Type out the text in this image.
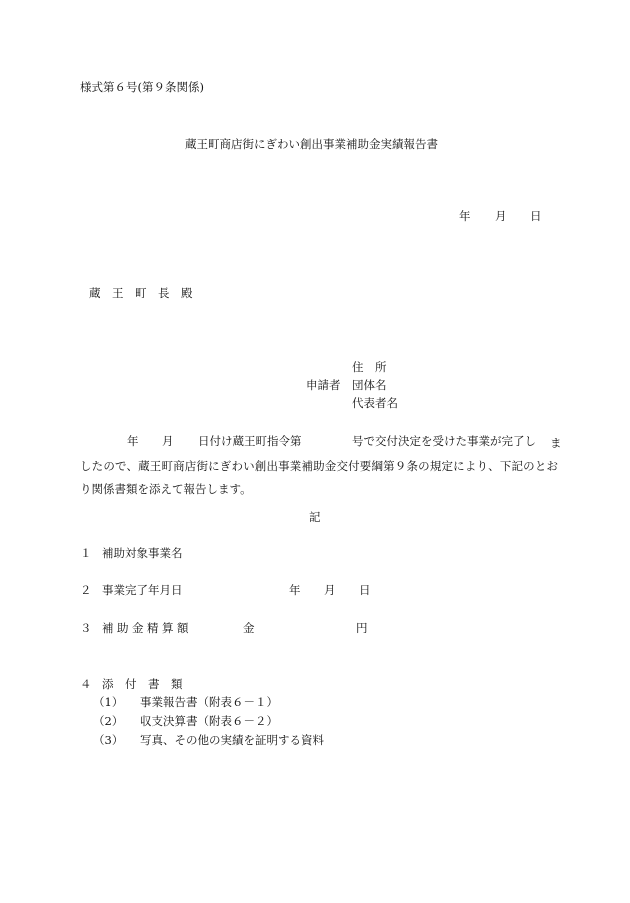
様式第６号(第９条関係)
蔵王町商店街にぎわい創出事業補助金実績報告書
年 月 日
蔵　王　町　長　殿
住　所
申請者 団体名
代表者名
年 月 日付け蔵王町指令第	号で交付決定を受けた事業が完了し	ましたので、蔵王町商店街にぎわい創出事業補助金交付要綱第９条の規定により、下記のとおり関係書類を添えて報告します。
記
１ 補助対象事業名
２ 事業完了年月日	年 月 日
３ 補助金精算額	金	円
４ 添　付　書　類
（1） 事業報告書（附表６－１）
（2） 収支決算書（附表６－２）
（3） 写真、その他の実績を証明する資料
